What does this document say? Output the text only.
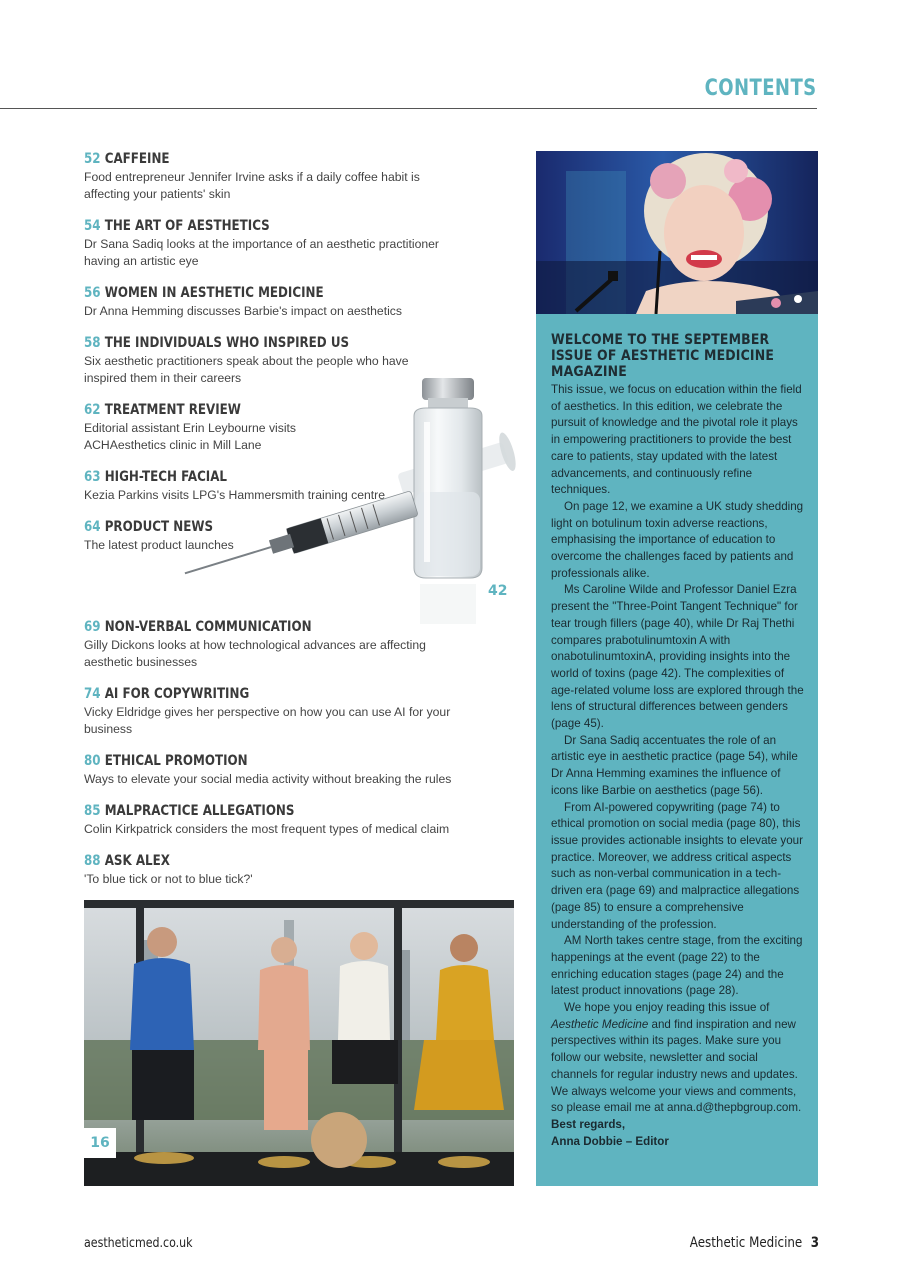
CONTENTS
52 CAFFEINE
Food entrepreneur Jennifer Irvine asks if a daily coffee habit is affecting your patients' skin
54 THE ART OF AESTHETICS
Dr Sana Sadiq looks at the importance of an aesthetic practitioner having an artistic eye
56 WOMEN IN AESTHETIC MEDICINE
Dr Anna Hemming discusses Barbie's impact on aesthetics
58 THE INDIVIDUALS WHO INSPIRED US
Six aesthetic practitioners speak about the people who have inspired them in their careers
62 TREATMENT REVIEW
Editorial assistant Erin Leybourne visits ACHAesthetics clinic in Mill Lane
63 HIGH-TECH FACIAL
Kezia Parkins visits LPG's Hammersmith training centre
64 PRODUCT NEWS
The latest product launches
69 NON-VERBAL COMMUNICATION
Gilly Dickons looks at how technological advances are affecting aesthetic businesses
74 AI FOR COPYWRITING
Vicky Eldridge gives her perspective on how you can use AI for your business
80 ETHICAL PROMOTION
Ways to elevate your social media activity without breaking the rules
85 MALPRACTICE ALLEGATIONS
Colin Kirkpatrick considers the most frequent types of medical claim
88 ASK ALEX
'To blue tick or not to blue tick?'
42
16
WELCOME TO THE SEPTEMBER ISSUE OF AESTHETIC MEDICINE MAGAZINE

This issue, we focus on education within the field of aesthetics. In this edition, we celebrate the pursuit of knowledge and the pivotal role it plays in empowering practitioners to provide the best care to patients, stay updated with the latest advancements, and continuously refine techniques.

On page 12, we examine a UK study shedding light on botulinum toxin adverse reactions, emphasising the importance of education to overcome the challenges faced by patients and professionals alike.

Ms Caroline Wilde and Professor Daniel Ezra present the "Three-Point Tangent Technique" for tear trough fillers (page 40), while Dr Raj Thethi compares prabotulinumtoxin A with onabotulinumtoxinA, providing insights into the world of toxins (page 42). The complexities of age-related volume loss are explored through the lens of structural differences between genders (page 45).

Dr Sana Sadiq accentuates the role of an artistic eye in aesthetic practice (page 54), while Dr Anna Hemming examines the influence of icons like Barbie on aesthetics (page 56).

From AI-powered copywriting (page 74) to ethical promotion on social media (page 80), this issue provides actionable insights to elevate your practice. Moreover, we address critical aspects such as non-verbal communication in a tech-driven era (page 69) and malpractice allegations (page 85) to ensure a comprehensive understanding of the profession.

AM North takes centre stage, from the exciting happenings at the event (page 22) to the enriching education stages (page 24) and the latest product innovations (page 28).

We hope you enjoy reading this issue of Aesthetic Medicine and find inspiration and new perspectives within its pages. Make sure you follow our website, newsletter and social channels for regular industry news and updates. We always welcome your views and comments, so please email me at anna.d@thepbgroup.com.

Best regards,
Anna Dobbie – Editor
aestheticmed.co.uk	Aesthetic Medicine 3
